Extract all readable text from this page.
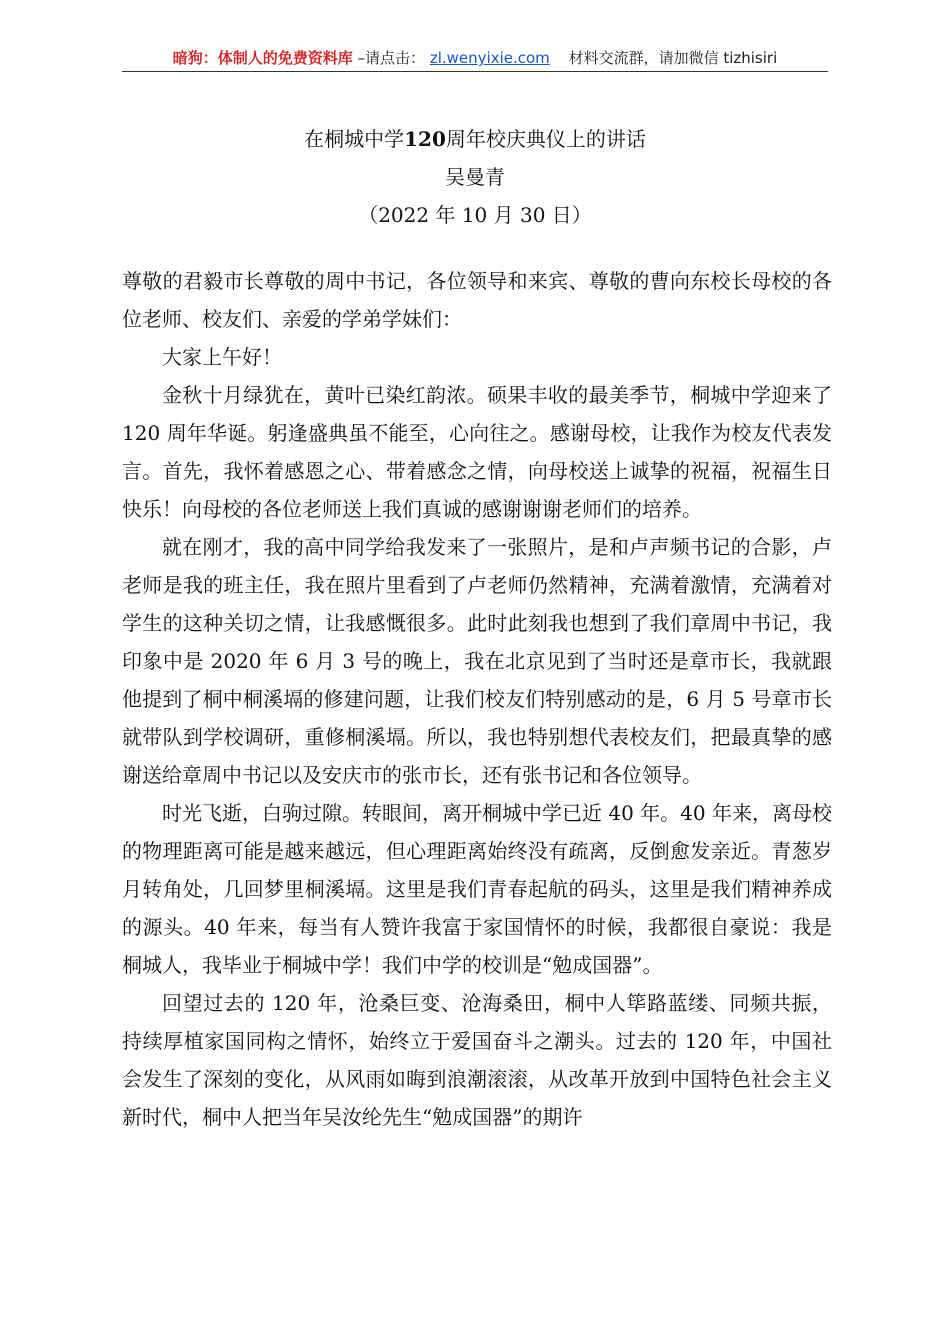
暗狗：体制人的免费资料库 –请点击： zl.wenyixie.com 材料交流群，请加微信 tizhisiri
在桐城中学120周年校庆典仪上的讲话
吴曼青
（2022 年 10 月 30 日）

尊敬的君毅市长尊敬的周中书记，各位领导和来宾、尊敬的曹向东校长母校的各位老师、校友们、亲爱的学弟学妹们：

大家上午好！

金秋十月绿犹在，黄叶已染红韵浓。硕果丰收的最美季节，桐城中学迎来了 120 周年华诞。躬逢盛典虽不能至，心向往之。感谢母校，让我作为校友代表发言。首先，我怀着感恩之心、带着感念之情，向母校送上诚挚的祝福，祝福生日快乐！向母校的各位老师送上我们真诚的感谢谢谢老师们的培养。

就在刚才，我的高中同学给我发来了一张照片，是和卢声频书记的合影，卢老师是我的班主任，我在照片里看到了卢老师仍然精神，充满着激情，充满着对学生的这种关切之情，让我感慨很多。此时此刻我也想到了我们章周中书记，我印象中是 2020 年 6 月 3 号的晚上，我在北京见到了当时还是章市长，我就跟他提到了桐中桐溪塥的修建问题，让我们校友们特别感动的是，6 月 5 号章市长就带队到学校调研，重修桐溪塥。所以，我也特别想代表校友们，把最真挚的感谢送给章周中书记以及安庆市的张市长，还有张书记和各位领导。

时光飞逝，白驹过隙。转眼间，离开桐城中学已近 40 年。40 年来，离母校的物理距离可能是越来越远，但心理距离始终没有疏离，反倒愈发亲近。青葱岁月转角处，几回梦里桐溪塥。这里是我们青春起航的码头，这里是我们精神养成的源头。40 年来，每当有人赞许我富于家国情怀的时候，我都很自豪说：我是桐城人，我毕业于桐城中学！我们中学的校训是“勉成国器”。

回望过去的 120 年，沧桑巨变、沧海桑田，桐中人筚路蓝缕、同频共振，持续厚植家国同构之情怀，始终立于爱国奋斗之潮头。过去的 120 年，中国社会发生了深刻的变化，从风雨如晦到浪潮滚滚，从改革开放到中国特色社会主义新时代，桐中人把当年吴汝纶先生“勉成国器”的期许
